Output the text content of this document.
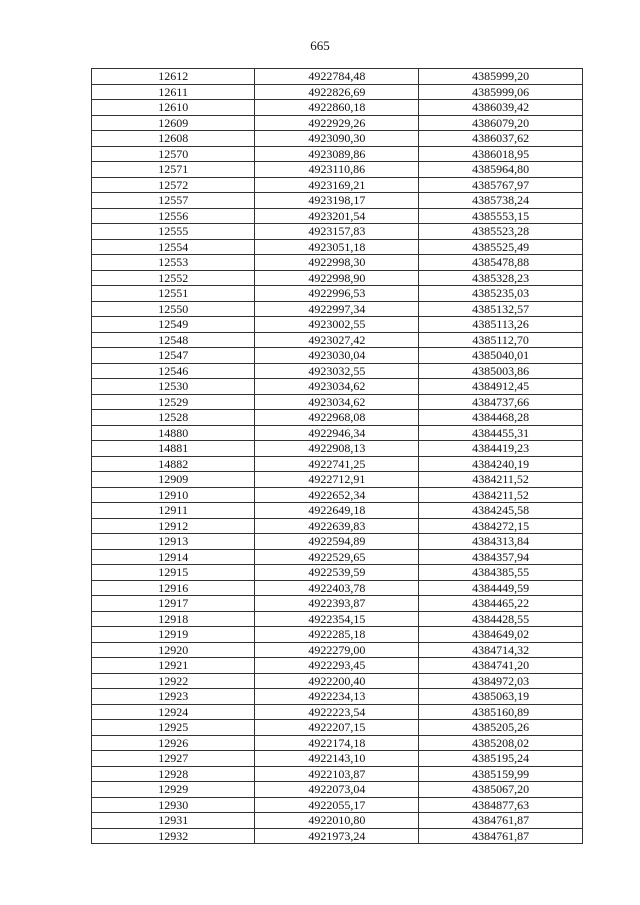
665
12612	4922784,48	4385999,20
12611	4922826,69	4385999,06
12610	4922860,18	4386039,42
12609	4922929,26	4386079,20
12608	4923090,30	4386037,62
12570	4923089,86	4386018,95
12571	4923110,86	4385964,80
12572	4923169,21	4385767,97
12557	4923198,17	4385738,24
12556	4923201,54	4385553,15
12555	4923157,83	4385523,28
12554	4923051,18	4385525,49
12553	4922998,30	4385478,88
12552	4922998,90	4385328,23
12551	4922996,53	4385235,03
12550	4922997,34	4385132,57
12549	4923002,55	4385113,26
12548	4923027,42	4385112,70
12547	4923030,04	4385040,01
12546	4923032,55	4385003,86
12530	4923034,62	4384912,45
12529	4923034,62	4384737,66
12528	4922968,08	4384468,28
14880	4922946,34	4384455,31
14881	4922908,13	4384419,23
14882	4922741,25	4384240,19
12909	4922712,91	4384211,52
12910	4922652,34	4384211,52
12911	4922649,18	4384245,58
12912	4922639,83	4384272,15
12913	4922594,89	4384313,84
12914	4922529,65	4384357,94
12915	4922539,59	4384385,55
12916	4922403,78	4384449,59
12917	4922393,87	4384465,22
12918	4922354,15	4384428,55
12919	4922285,18	4384649,02
12920	4922279,00	4384714,32
12921	4922293,45	4384741,20
12922	4922200,40	4384972,03
12923	4922234,13	4385063,19
12924	4922223,54	4385160,89
12925	4922207,15	4385205,26
12926	4922174,18	4385208,02
12927	4922143,10	4385195,24
12928	4922103,87	4385159,99
12929	4922073,04	4385067,20
12930	4922055,17	4384877,63
12931	4922010,80	4384761,87
12932	4921973,24	4384761,87
